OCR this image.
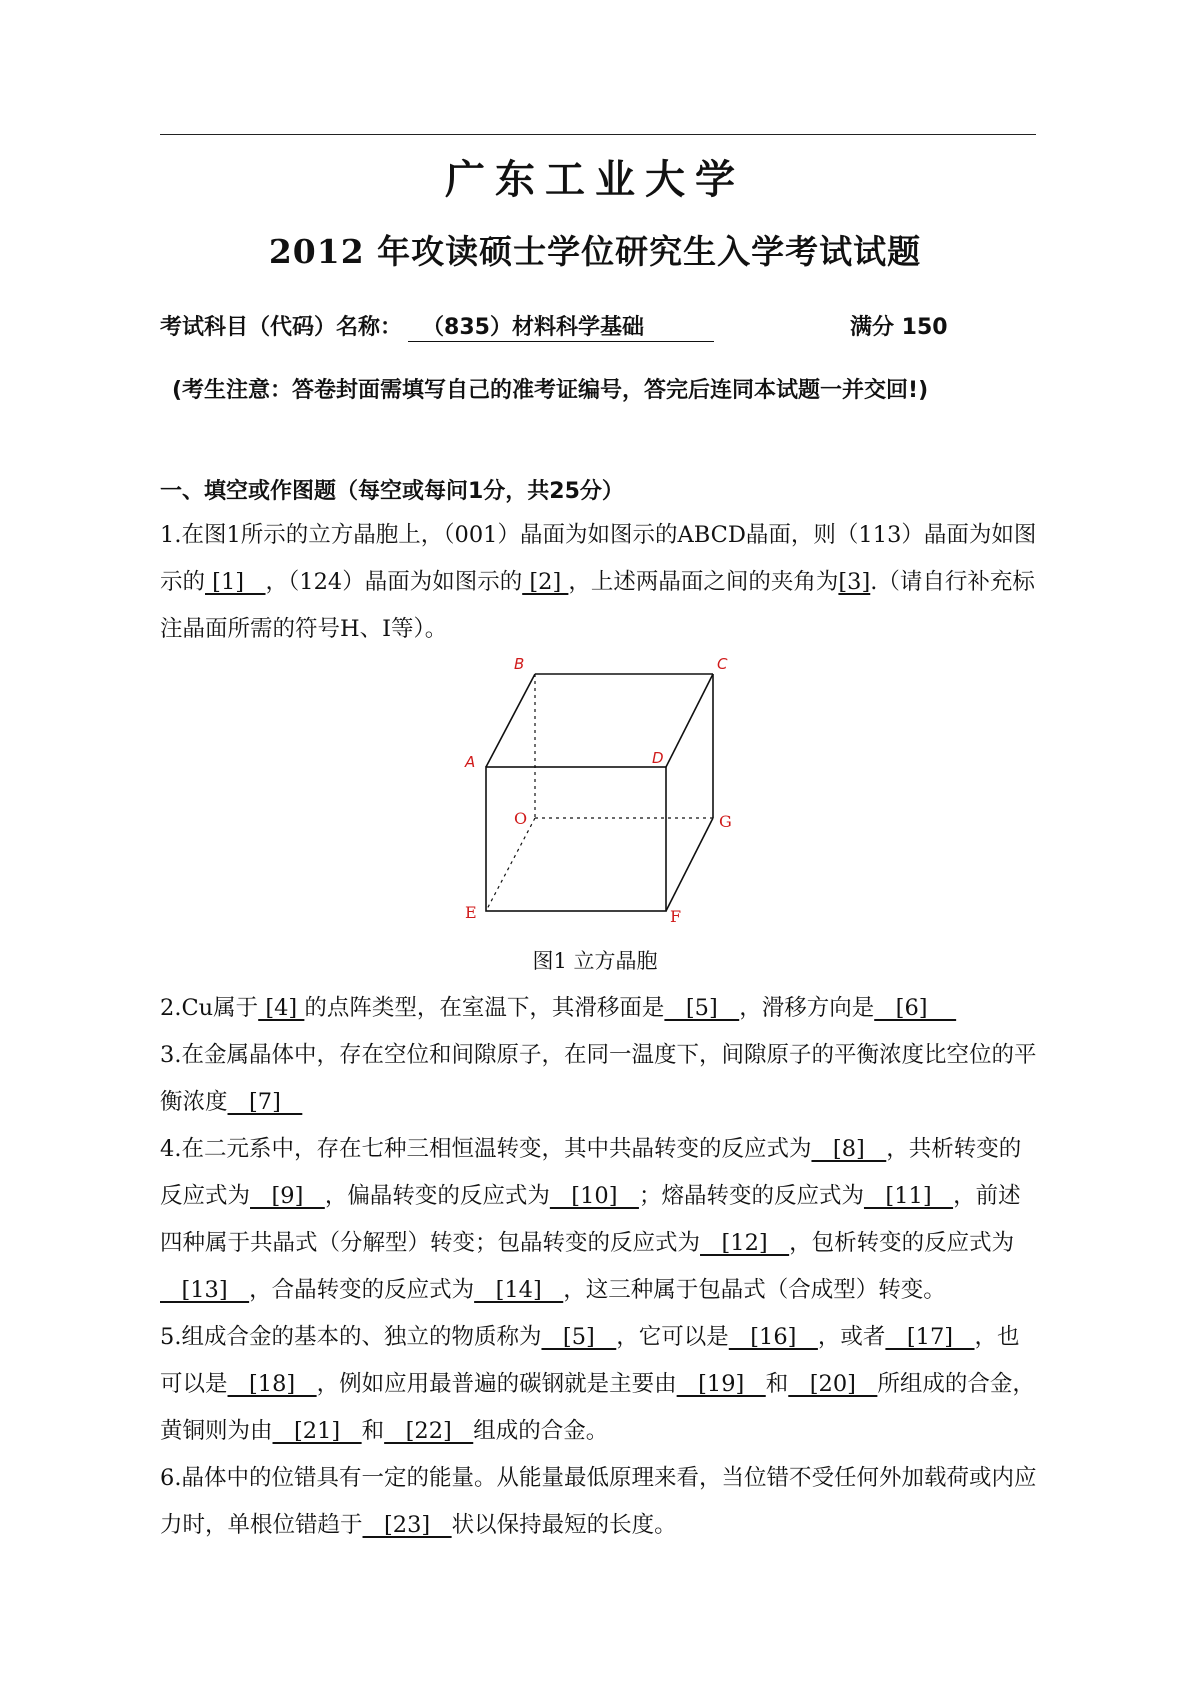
广东工业大学
2012 年攻读硕士学位研究生入学考试试题
考试科目（代码）名称： （835）材料科学基础	满分 150
(考生注意：答卷封面需填写自己的准考证编号，答完后连同本试题一并交回!)
一、填空或作图题（每空或每问1分，共25分）
1.在图1所示的立方晶胞上，（001）晶面为如图示的ABCD晶面，则（113）晶面为如图示的 [1]   ，（124）晶面为如图示的 [2] ，上述两晶面之间的夹角为[3].（请自行补充标注晶面所需的符号H、I等）。
B	C
A	D
O	G
E	F
图1 立方晶胞
2.Cu属于 [4] 的点阵类型，在室温下，其滑移面是   [5]   ，滑移方向是   [6]
3.在金属晶体中，存在空位和间隙原子，在同一温度下，间隙原子的平衡浓度比空位的平衡浓度   [7]
4.在二元系中，存在七种三相恒温转变，其中共晶转变的反应式为   [8]   ，共析转变的反应式为   [9]   ，偏晶转变的反应式为   [10]   ；熔晶转变的反应式为   [11]   ，前述四种属于共晶式（分解型）转变；包晶转变的反应式为   [12]   ，包析转变的反应式为   [13]   ，合晶转变的反应式为   [14]   ，这三种属于包晶式（合成型）转变。
5.组成合金的基本的、独立的物质称为   [5]   ，它可以是   [16]   ，或者   [17]   ，也可以是   [18]   ，例如应用最普遍的碳钢就是主要由   [19]   和   [20]   所组成的合金，黄铜则为由   [21]   和   [22]   组成的合金。
6.晶体中的位错具有一定的能量。从能量最低原理来看，当位错不受任何外加载荷或内应力时，单根位错趋于   [23]   状以保持最短的长度。
